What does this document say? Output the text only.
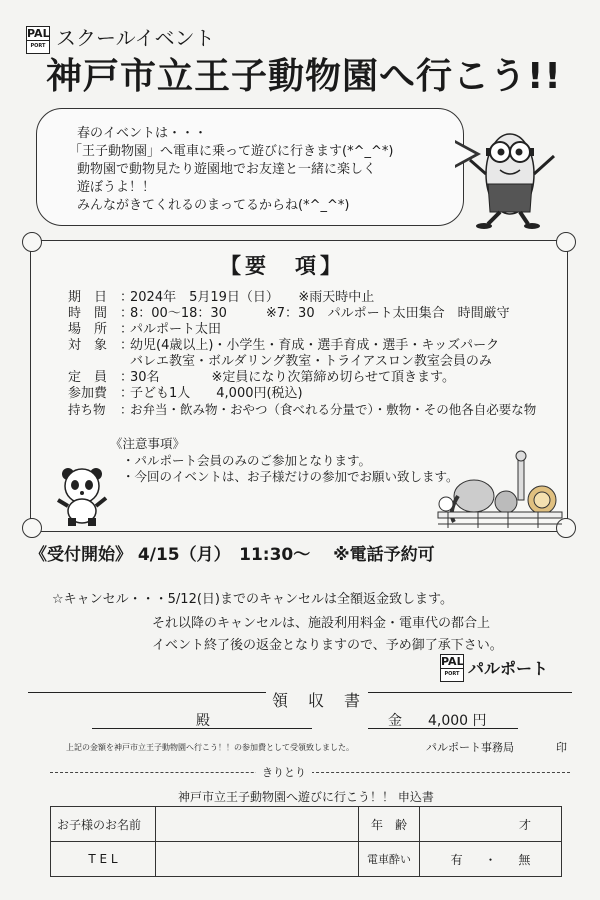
PAL
PORT スクールイベント
神戸市立王子動物園へ行こう!!
春のイベントは・・・
「王子動物園」へ電車に乗って遊びに行きます(*^_^*)
動物園で動物見たり遊園地でお友達と一緒に楽しく
遊ぼうよ！！
みんながきてくれるのまってるからね(*^_^*)
【要　項】
期　日 ：2024年　5月19日（日）　　※雨天時中止
時　間 ：8：00〜18：30　　　※7：30　パルポート太田集合　時間厳守
場　所 ：パルポート太田
対　象 ：幼児(4歳以上)・小学生・育成・選手育成・選手・キッズパーク
バレエ教室・ボルダリング教室・トライアスロン教室会員のみ
定　員 ：30名　　　　※定員になり次第締め切らせて頂きます。
参加費 ：子ども1人　　4,000円(税込)
持ち物 ：お弁当・飲み物・おやつ（食べれる分量で）・敷物・その他各自必要な物
《注意事項》
・パルポート会員のみのご参加となります。
・今回のイベントは、お子様だけの参加でお願い致します。
《受付開始》 4/15（月）　11:30〜　 ※電話予約可
☆キャンセル・・・5/12(日)までのキャンセルは全額返金致します。
それ以降のキャンセルは、施設利用料金・電車代の都合上
イベント終了後の返金となりますので、予め御了承下さい。
PAL
PORT パルポート
領　収　書
殿	金 4,000 円
上記の金額を神戸市立王子動物園へ行こう！！の参加費として受領致しました。	パルポート事務局	印
きりとり
神戸市立王子動物園へ遊びに行こう！！ 申込書
お子様のお名前		年　齢	才
T E L		電車酔い	有 ・ 無
